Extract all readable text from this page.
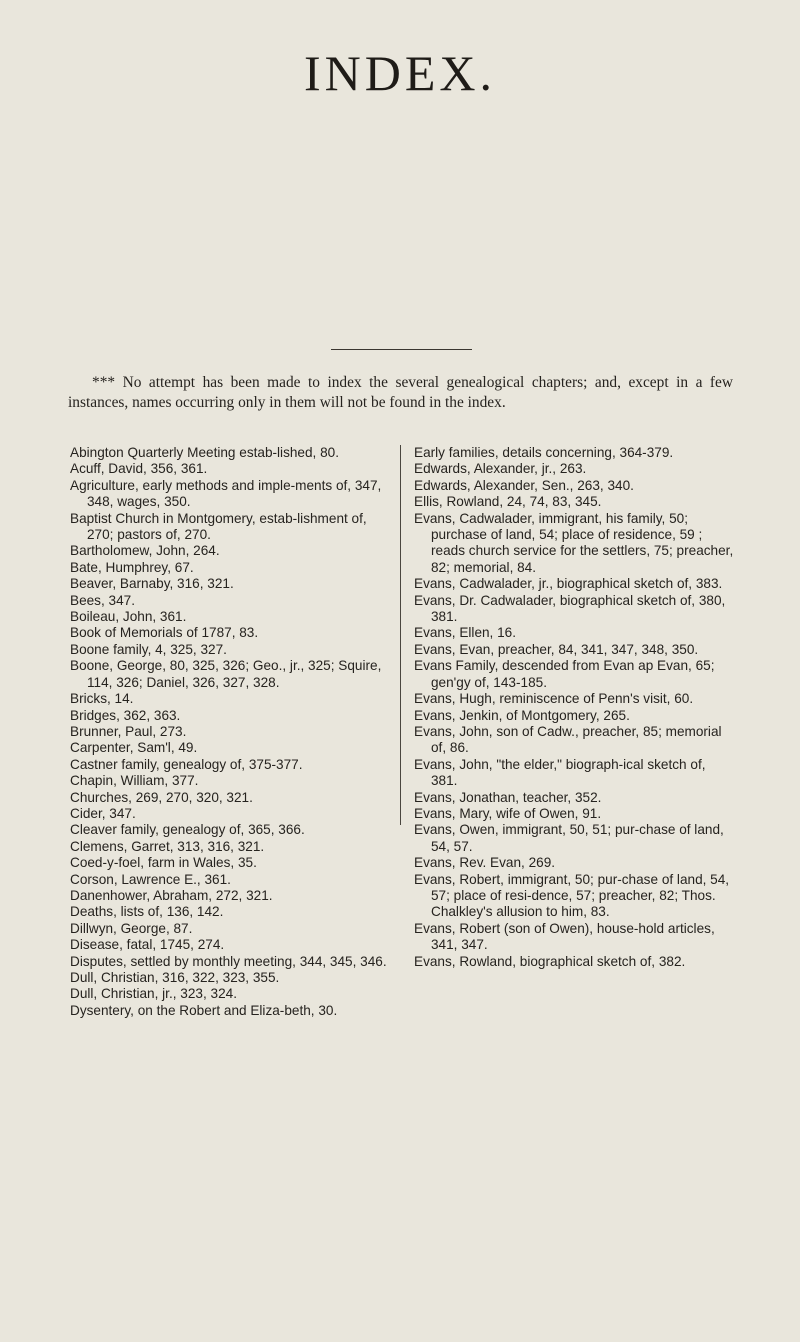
INDEX.

*** No attempt has been made to index the several genealogical chapters; and, except in a few instances, names occurring only in them will not be found in the index.

Abington Quarterly Meeting estab-lished, 80.

Acuff, David, 356, 361.

Agriculture, early methods and imple-ments of, 347, 348, wages, 350.

Baptist Church in Montgomery, estab-lishment of, 270; pastors of, 270.

Bartholomew, John, 264.

Bate, Humphrey, 67.

Beaver, Barnaby, 316, 321.

Bees, 347.

Boileau, John, 361.

Book of Memorials of 1787, 83.

Boone family, 4, 325, 327.

Boone, George, 80, 325, 326; Geo., jr., 325; Squire, 114, 326; Daniel, 326, 327, 328.

Bricks, 14.

Bridges, 362, 363.

Brunner, Paul, 273.

Carpenter, Sam'l, 49.

Castner family, genealogy of, 375-377.

Chapin, William, 377.

Churches, 269, 270, 320, 321.

Cider, 347.

Cleaver family, genealogy of, 365, 366.

Clemens, Garret, 313, 316, 321.

Coed-y-foel, farm in Wales, 35.

Corson, Lawrence E., 361.

Danenhower, Abraham, 272, 321.

Deaths, lists of, 136, 142.

Dillwyn, George, 87.

Disease, fatal, 1745, 274.

Disputes, settled by monthly meeting, 344, 345, 346.

Dull, Christian, 316, 322, 323, 355.

Dull, Christian, jr., 323, 324.

Dysentery, on the Robert and Eliza-beth, 30.

Early families, details concerning, 364-379.

Edwards, Alexander, jr., 263.

Edwards, Alexander, Sen., 263, 340.

Ellis, Rowland, 24, 74, 83, 345.

Evans, Cadwalader, immigrant, his family, 50; purchase of land, 54; place of residence, 59 ; reads church service for the settlers, 75; preacher, 82; memorial, 84.

Evans, Cadwalader, jr., biographical sketch of, 383.

Evans, Dr. Cadwalader, biographical sketch of, 380, 381.

Evans, Ellen, 16.

Evans, Evan, preacher, 84, 341, 347, 348, 350.

Evans Family, descended from Evan ap Evan, 65; gen'gy of, 143-185.

Evans, Hugh, reminiscence of Penn's visit, 60.

Evans, Jenkin, of Montgomery, 265.

Evans, John, son of Cadw., preacher, 85; memorial of, 86.

Evans, John, "the elder," biograph-ical sketch of, 381.

Evans, Jonathan, teacher, 352.

Evans, Mary, wife of Owen, 91.

Evans, Owen, immigrant, 50, 51; pur-chase of land, 54, 57.

Evans, Rev. Evan, 269.

Evans, Robert, immigrant, 50; pur-chase of land, 54, 57; place of resi-dence, 57; preacher, 82; Thos. Chalkley's allusion to him, 83.

Evans, Robert (son of Owen), house-hold articles, 341, 347.

Evans, Rowland, biographical sketch of, 382.
